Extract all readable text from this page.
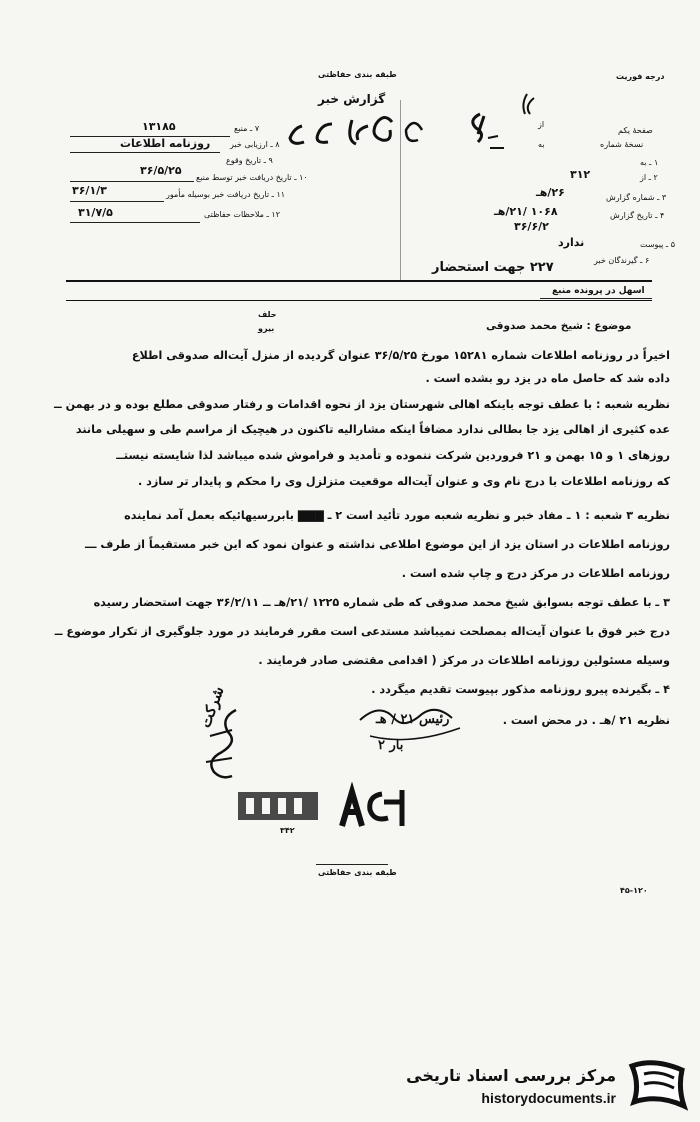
طبقه بندی حفاظتی
گزارش خبر
درجه فوریت
۷ ـ منبع
۱۳۱۸۵
۸ ـ ارزیابی خبر
روزنامه اطلاعات
۹ ـ تاریخ وقوع
۳۶/۵/۲۵
۱۰ ـ تاریخ دریافت خبر توسط منبع
۱۱ ـ تاریخ دریافت خبر بوسیله مأمور
۳۶/۱/۳
۱۲ ـ ملاحظات حفاظتی
۳۱/۷/۵
صفحهٔ یکم
نسخهٔ شماره
از
به
۱ ـ به
۲ ـ از
۳۱۲
۳ ـ شماره گزارش
۲۶/هـ
۴ ـ تاریخ گزارش
۱۰۶۸ /۲۱/هـ
۳۶/۶/۲
۵ ـ پیوست
ندارد
۶ ـ گیرندگان خبر
۲۲۷ جهت استحضار
اسهل در پرونده منبع
حلف
بیرو	موضوع : شیخ محمد صدوقی
اخیراً در روزنامه اطلاعات شماره ۱۵۲۸۱ مورخ ۳۶/۵/۲۵ عنوان گردیده از منزل آیت‌اله صدوقی اطلاع
داده شد که حاصل ماه در یزد رو بشده است .
نظریه شعبه : با عطف توجه باینکه اهالی شهرستان یزد از نحوه اقدامات و رفتار صدوقی مطلع بوده و در بهمن ــ
عده کثیری از اهالی یزد جا بطالی ندارد مضافاً اینکه مشارالیه تاکنون در هیچیک از مراسم طی و سهیلی مانند
روزهای ۱ و ۱۵ بهمن و ۲۱ فروردین شرکت ننموده و تأمدید و فراموش شده میباشد لذا شایسته نیستــ
که روزنامه اطلاعات با درج نام وی و عنوان آیت‌اله موقعیت متزلزل وی را محکم و پایدار تر سازد .
نظریه ۳ شعبه : ۱ ـ مفاد خبر و نظریه شعبه مورد تأئید است ۲ ـ ▇▇▇ بابررسیهائیکه بعمل آمد نماینده
روزنامه اطلاعات در استان یزد از این موضوع اطلاعی نداشته و عنوان نمود که این خبر مستقیماً از طرف ـــ
روزنامه اطلاعات در مرکز درج و چاپ شده است .
۳ ـ با عطف توجه بسوابق شیخ محمد صدوقی که طی شماره ۱۲۲۵ /۲۱/هـ ــ ۳۶/۲/۱۱ جهت استحضار رسیده
درج خبر فوق با عنوان آیت‌اله بمصلحت نمیباشد مستدعی است مقرر فرمایند در مورد جلوگیری از تکرار موضوع ــ
وسیله مسئولین روزنامه اطلاعات در مرکز ( اقدامی مقتضی صادر فرمایند .
۴ ـ بگیرنده پیرو روزنامه مذکور بپیوست تقدیم میگردد .
نظریه ۲۱ /هـ . در محض است .
رئیس ۲۱ / هـ
بار ۲
شرکت
۳۴۲
طبقه بندی حفاظتی
۴۵-۱۲۰
مرکز بررسی اسناد تاریخی
historydocuments.ir
